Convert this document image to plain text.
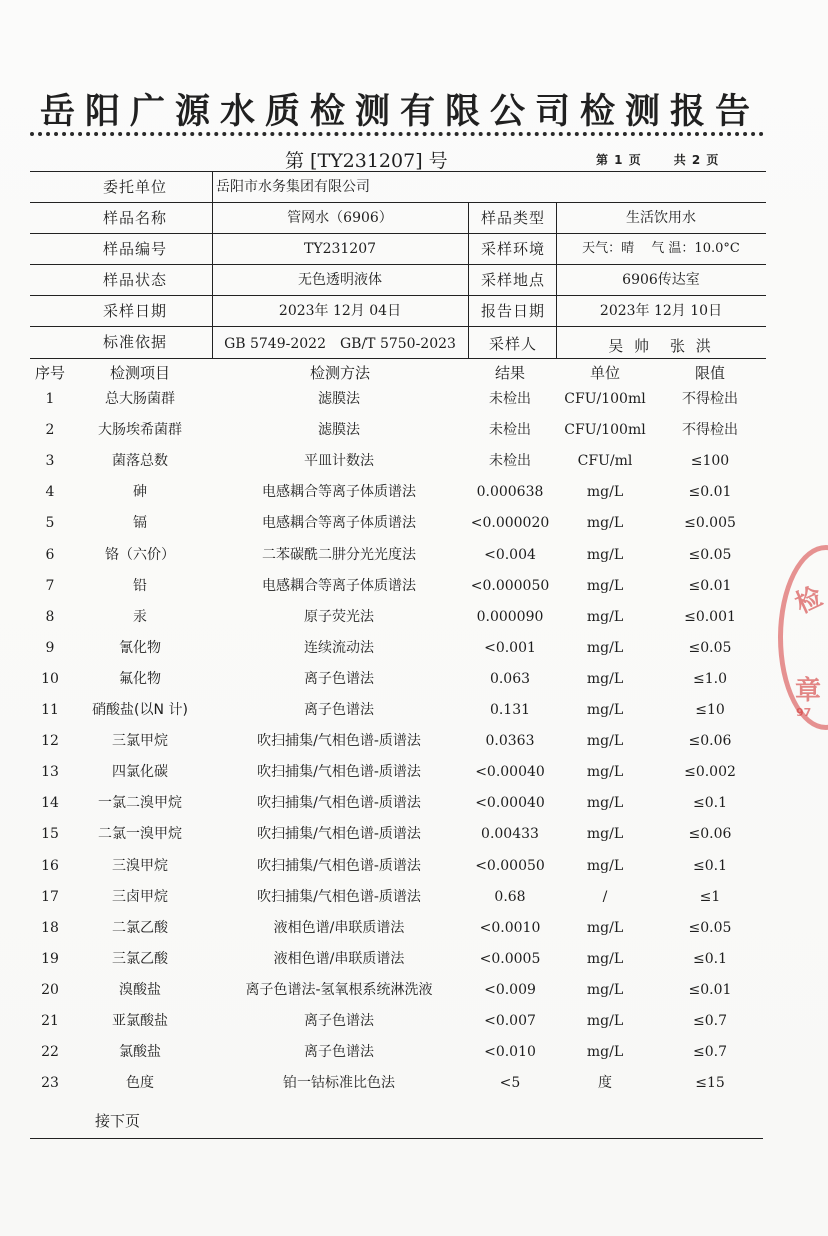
岳阳广源水质检测有限公司检测报告
第 [TY231207] 号	第 1 页	共 2 页
委托单位	岳阳市水务集团有限公司
样品名称	管网水（6906）	样品类型	生活饮用水
样品编号	TY231207	采样环境	天气：晴　 气 温：10.0°C
样品状态	无色透明液体	采样地点	6906传达室
采样日期	2023年 12月 04日	报告日期	2023年 12月 10日
标准依据	GB 5749-2022　GB/T 5750-2023	采样人	吴 帅　张 洪
序号	检测项目	检测方法	结果	单位	限值
1	总大肠菌群	滤膜法	未检出	CFU/100ml	不得检出
2	大肠埃希菌群	滤膜法	未检出	CFU/100ml	不得检出
3	菌落总数	平皿计数法	未检出	CFU/ml	≤100
4	砷	电感耦合等离子体质谱法	0.000638	mg/L	≤0.01
5	镉	电感耦合等离子体质谱法	<0.000020	mg/L	≤0.005
6	铬（六价）	二苯碳酰二肼分光光度法	<0.004	mg/L	≤0.05
7	铅	电感耦合等离子体质谱法	<0.000050	mg/L	≤0.01
8	汞	原子荧光法	0.000090	mg/L	≤0.001
9	氰化物	连续流动法	<0.001	mg/L	≤0.05
10	氟化物	离子色谱法	0.063	mg/L	≤1.0
11	硝酸盐(以N 计)	离子色谱法	0.131	mg/L	≤10
12	三氯甲烷	吹扫捕集/气相色谱-质谱法	0.0363	mg/L	≤0.06
13	四氯化碳	吹扫捕集/气相色谱-质谱法	<0.00040	mg/L	≤0.002
14	一氯二溴甲烷	吹扫捕集/气相色谱-质谱法	<0.00040	mg/L	≤0.1
15	二氯一溴甲烷	吹扫捕集/气相色谱-质谱法	0.00433	mg/L	≤0.06
16	三溴甲烷	吹扫捕集/气相色谱-质谱法	<0.00050	mg/L	≤0.1
17	三卤甲烷	吹扫捕集/气相色谱-质谱法	0.68	/	≤1
18	二氯乙酸	液相色谱/串联质谱法	<0.0010	mg/L	≤0.05
19	三氯乙酸	液相色谱/串联质谱法	<0.0005	mg/L	≤0.1
20	溴酸盐	离子色谱法-氢氧根系统淋洗液	<0.009	mg/L	≤0.01
21	亚氯酸盐	离子色谱法	<0.007	mg/L	≤0.7
22	氯酸盐	离子色谱法	<0.010	mg/L	≤0.7
23	色度	铂一钴标准比色法	<5	度	≤15
接下页
检
章
97
